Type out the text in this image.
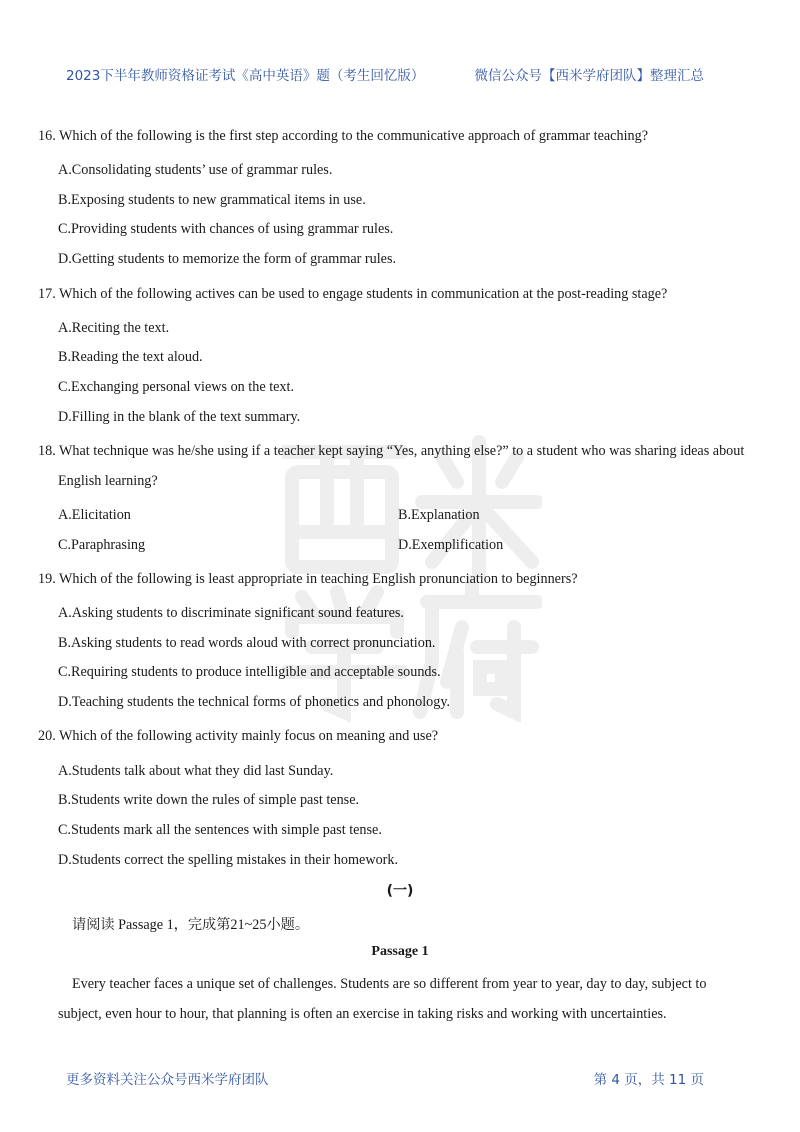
2023下半年教师资格证考试《高中英语》题（考生回忆版）	微信公众号【西米学府团队】整理汇总
16. Which of the following is the first step according to the communicative approach of grammar teaching?
A.Consolidating students’ use of grammar rules.
B.Exposing students to new grammatical items in use.
C.Providing students with chances of using grammar rules.
D.Getting students to memorize the form of grammar rules.
17. Which of the following actives can be used to engage students in communication at the post-reading stage?
A.Reciting the text.
B.Reading the text aloud.
C.Exchanging personal views on the text.
D.Filling in the blank of the text summary.
18. What technique was he/she using if a teacher kept saying “Yes, anything else?” to a student who was sharing ideas about
English learning?
A.Elicitation	B.Explanation
C.Paraphrasing	D.Exemplification
19. Which of the following is least appropriate in teaching English pronunciation to beginners?
A.Asking students to discriminate significant sound features.
B.Asking students to read words aloud with correct pronunciation.
C.Requiring students to produce intelligible and acceptable sounds.
D.Teaching students the technical forms of phonetics and phonology.
20. Which of the following activity mainly focus on meaning and use?
A.Students talk about what they did last Sunday.
B.Students write down the rules of simple past tense.
C.Students mark all the sentences with simple past tense.
D.Students correct the spelling mistakes in their homework.
(一)
请阅读 Passage 1，完成第21~25小题。
Passage 1
Every teacher faces a unique set of challenges. Students are so different from year to year, day to day, subject to
subject, even hour to hour, that planning is often an exercise in taking risks and working with uncertainties.
更多资料关注公众号西米学府团队	第 4 页，共 11 页
